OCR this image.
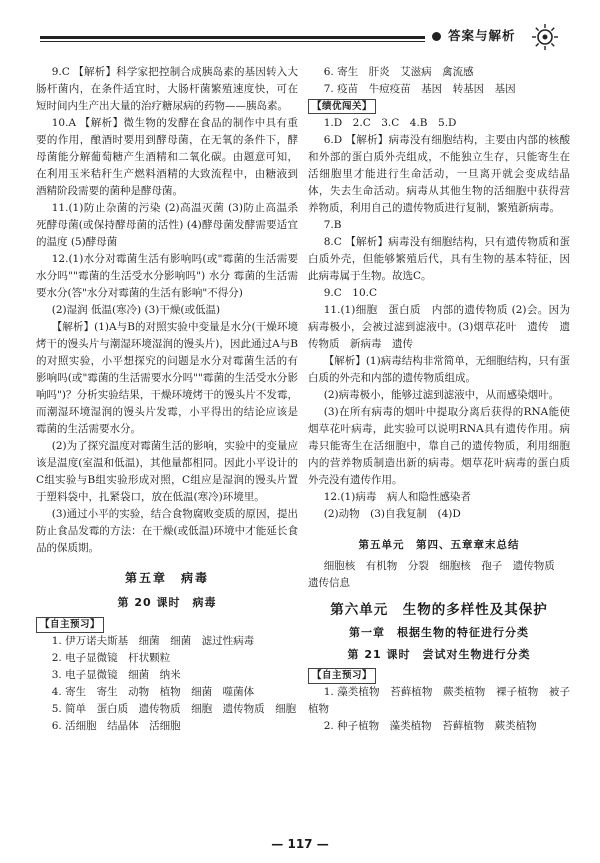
答案与解析

9.C 【解析】科学家把控制合成胰岛素的基因转入大肠杆菌内，在条件适宜时，大肠杆菌繁殖速度快，可在短时间内生产出大量的治疗糖尿病的药物——胰岛素。

10.A 【解析】微生物的发酵在食品的制作中具有重要的作用，酿酒时要用到酵母菌，在无氧的条件下，酵母菌能分解葡萄糖产生酒精和二氧化碳。由题意可知，在利用玉米秸秆生产燃料酒精的大致流程中，由糖液到酒精阶段需要的菌种是酵母菌。

11.(1)防止杂菌的污染 (2)高温灭菌 (3)防止高温杀死酵母菌(或保持酵母菌的活性) (4)酵母菌发酵需要适宜的温度 (5)酵母菌

12.(1)水分对霉菌生活有影响吗(或"霉菌的生活需要水分吗""霉菌的生活受水分影响吗") 水分 霉菌的生活需要水分(答"水分对霉菌的生活有影响"不得分)

(2)湿润 低温(寒冷) (3)干燥(或低温)

【解析】(1)A与B的对照实验中变量是水分(干燥环境烤干的馒头片与潮湿环境湿润的馒头片)，因此通过A与B的对照实验，小平想探究的问题是水分对霉菌生活的有影响吗(或"霉菌的生活需要水分吗""霉菌的生活受水分影响吗")？分析实验结果，干燥环境烤干的馒头片不发霉，而潮湿环境湿润的馒头片发霉，小平得出的结论应该是霉菌的生活需要水分。

(2)为了探究温度对霉菌生活的影响，实验中的变量应该是温度(室温和低温)，其他量都相同。因此小平设计的C组实验与B组实验形成对照，C组应是湿润的馒头片置于塑料袋中，扎紧袋口，放在低温(寒冷)环境里。

(3)通过小平的实验，结合食物腐败变质的原因，提出防止食品发霉的方法：在干燥(或低温)环境中才能延长食品的保质期。

第五章　病毒
第 20 课时　病毒

【自主预习】

1. 伊万诺夫斯基　细菌　细菌　滤过性病毒

2. 电子显微镜　杆状颗粒

3. 电子显微镜　细菌　纳米

4. 寄生　寄生　动物　植物　细菌　噬菌体

5. 简单　蛋白质　遗传物质　细胞　遗传物质　细胞

6. 活细胞　结晶体　活细胞

6. 寄生　肝炎　艾滋病　禽流感

7. 疫苗　牛痘疫苗　基因　转基因　基因

【绩优闯关】

1.D　2.C　3.C　4.B　5.D

6.D 【解析】病毒没有细胞结构，主要由内部的核酸和外部的蛋白质外壳组成，不能独立生存，只能寄生在活细胞里才能进行生命活动，一旦离开就会变成结晶体，失去生命活动。病毒从其他生物的活细胞中获得营养物质，利用自己的遗传物质进行复制，繁殖新病毒。

7.B

8.C 【解析】病毒没有细胞结构，只有遗传物质和蛋白质外壳，但能够繁殖后代，具有生物的基本特征，因此病毒属于生物。故选C。

9.C　10.C

11.(1)细胞　蛋白质　内部的遗传物质 (2)会。因为病毒极小，会被过滤到滤液中。(3)烟草花叶　遗传　遗传物质　新病毒　遗传

【解析】(1)病毒结构非常简单，无细胞结构，只有蛋白质的外壳和内部的遗传物质组成。

(2)病毒极小，能够过滤到滤液中，从而感染烟叶。

(3)在所有病毒的烟叶中提取分离后获得的RNA能使烟草花叶病毒，此实验可以说明RNA具有遗传作用。病毒只能寄生在活细胞中，靠自己的遗传物质，利用细胞内的营养物质制造出新的病毒。烟草花叶病毒的蛋白质外壳没有遗传作用。

12.(1)病毒　病人和隐性感染者

(2)动物　(3)自我复制　(4)D

第五单元　第四、五章章末总结

细胞核　有机物　分裂　细胞核　孢子　遗传物质

遗传信息

第六单元　生物的多样性及其保护
第一章　根据生物的特征进行分类
第 21 课时　尝试对生物进行分类

【自主预习】

1. 藻类植物　苔藓植物　蕨类植物　裸子植物　被子植物

2. 种子植物　藻类植物　苔藓植物　蕨类植物

— 117 —
